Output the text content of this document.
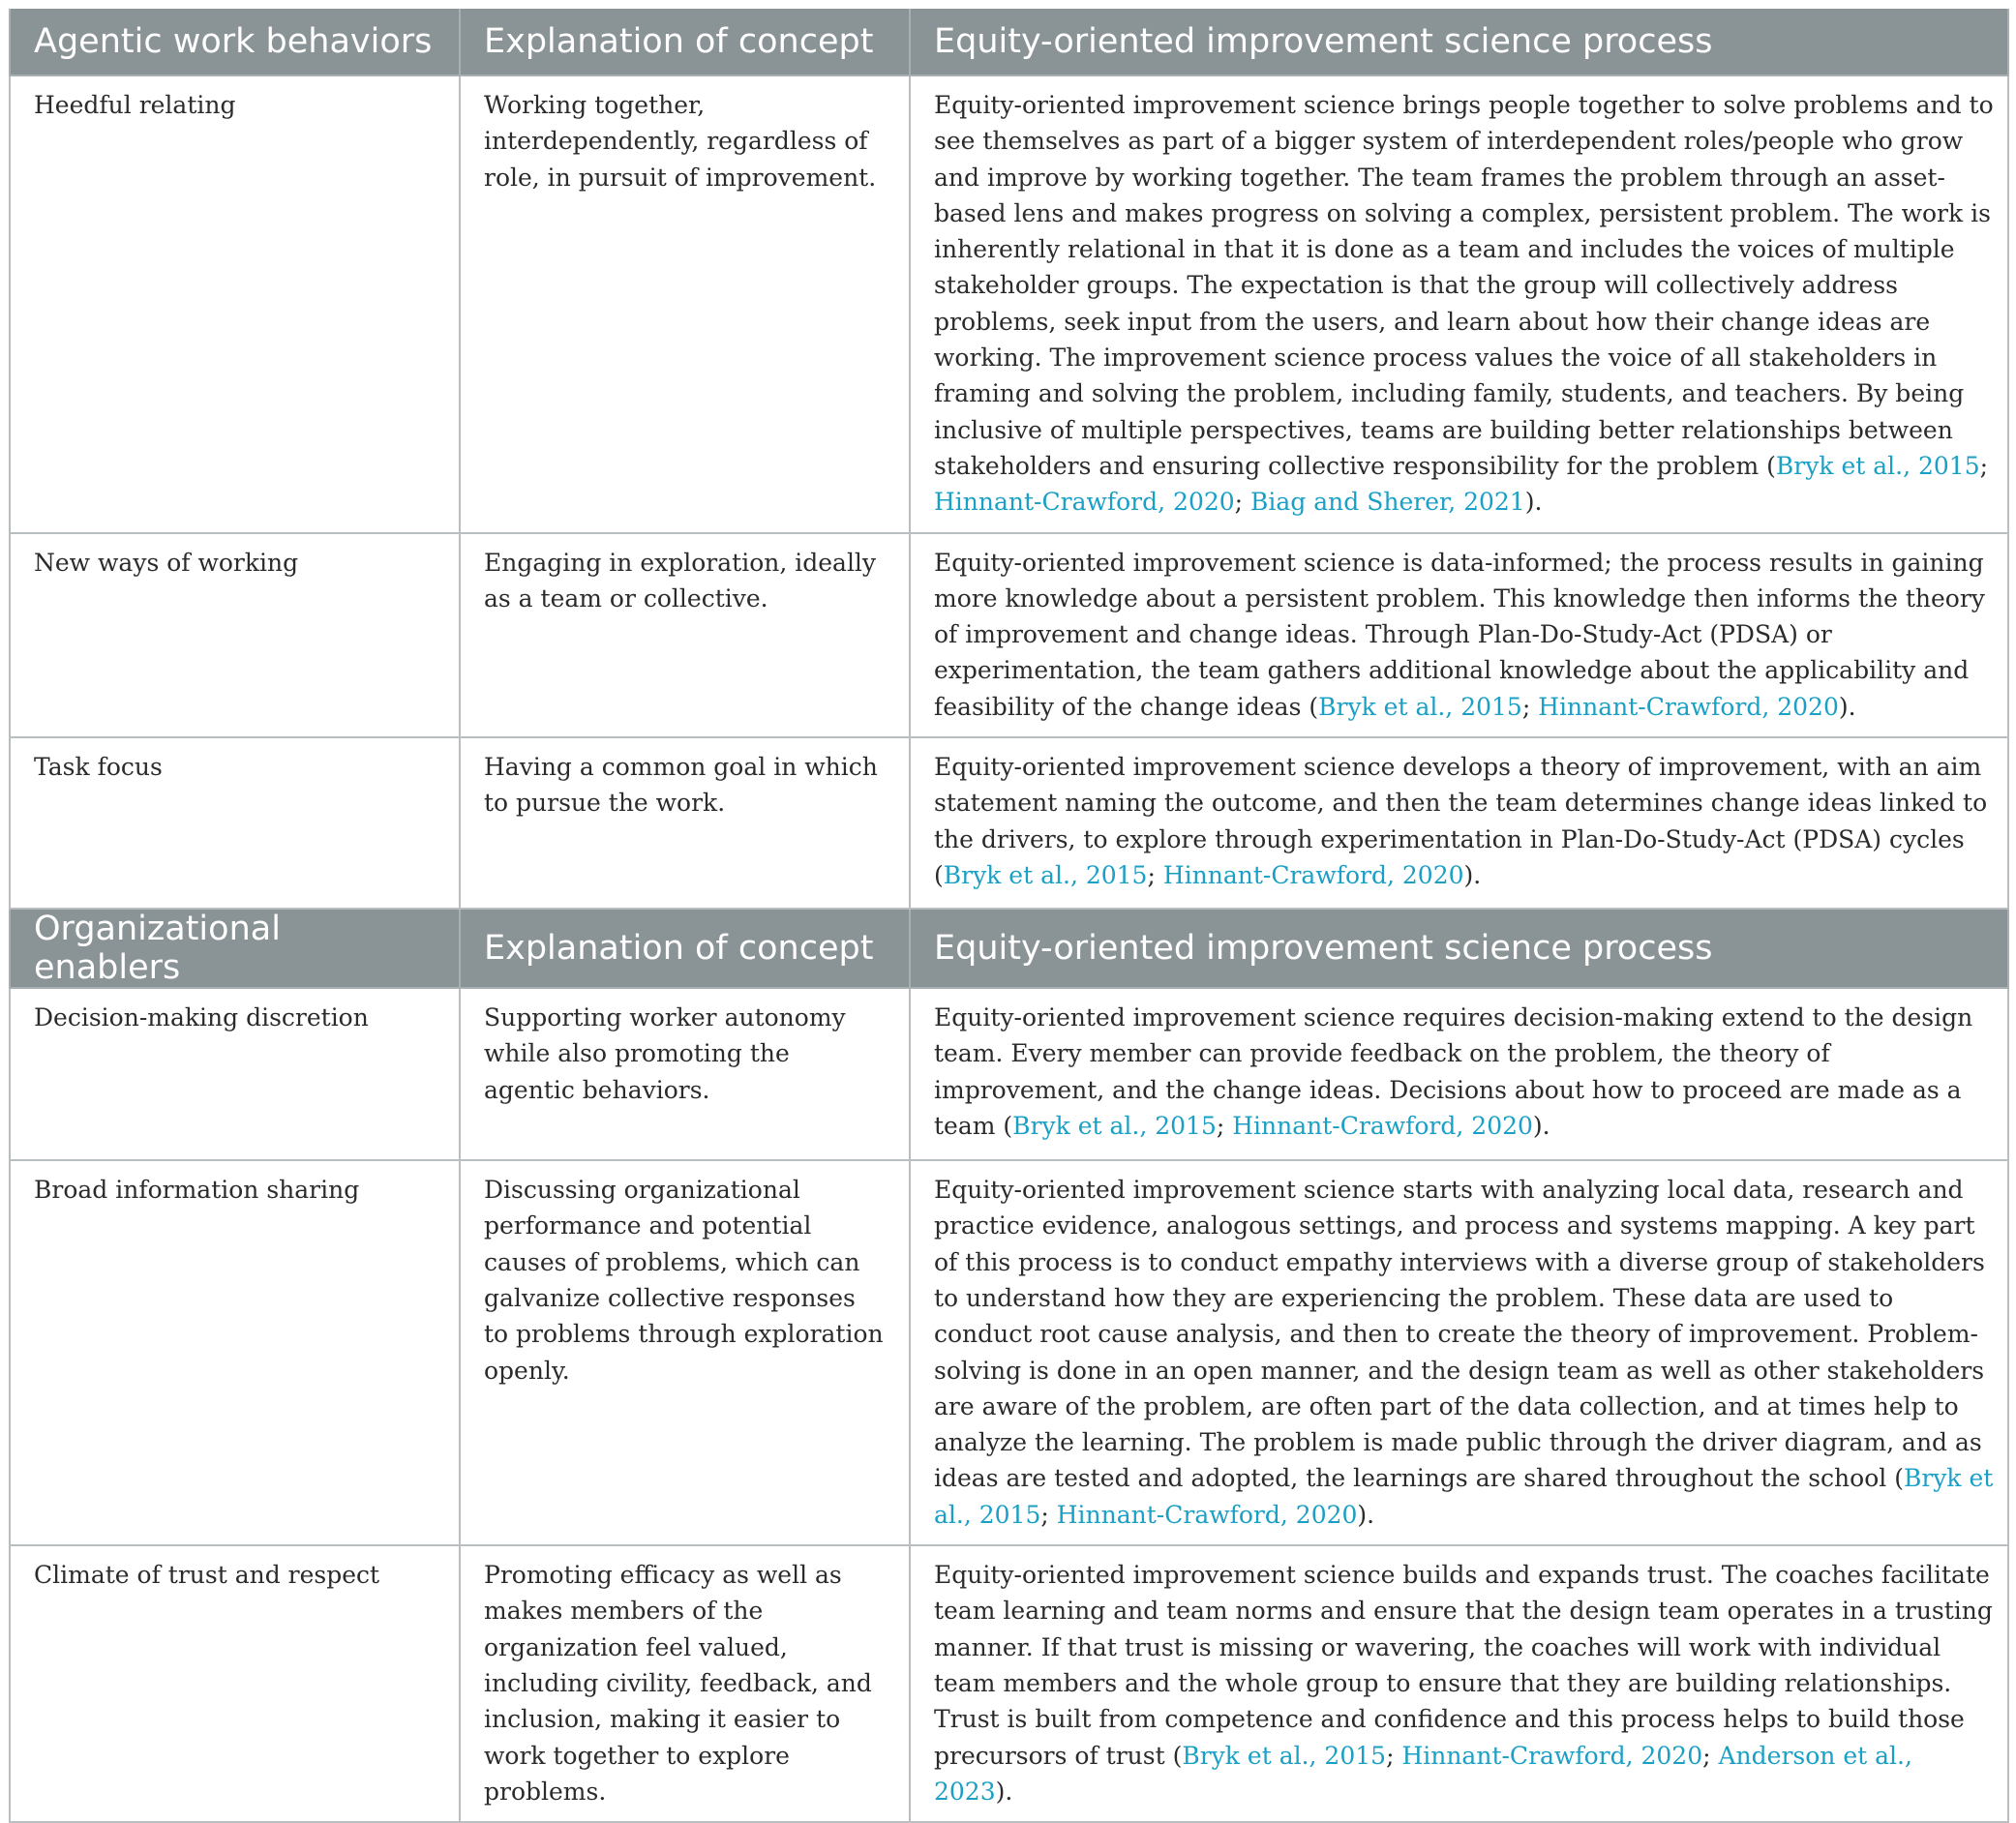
Agentic work behaviors	Explanation of concept	Equity-oriented improvement science process
Heedful relating	Working together, interdependently, regardless of role, in pursuit of improvement.	Equity-oriented improvement science brings people together to solve problems and to see themselves as part of a bigger system of interdependent roles/people who grow and improve by working together. The team frames the problem through an asset-based lens and makes progress on solving a complex, persistent problem. The work is inherently relational in that it is done as a team and includes the voices of multiple stakeholder groups. The expectation is that the group will collectively address problems, seek input from the users, and learn about how their change ideas are working. The improvement science process values the voice of all stakeholders in framing and solving the problem, including family, students, and teachers. By being inclusive of multiple perspectives, teams are building better relationships between stakeholders and ensuring collective responsibility for the problem (Bryk et al., 2015; Hinnant-Crawford, 2020; Biag and Sherer, 2021).
New ways of working	Engaging in exploration, ideally as a team or collective.	Equity-oriented improvement science is data-informed; the process results in gaining more knowledge about a persistent problem. This knowledge then informs the theory of improvement and change ideas. Through Plan-Do-Study-Act (PDSA) or experimentation, the team gathers additional knowledge about the applicability and feasibility of the change ideas (Bryk et al., 2015; Hinnant-Crawford, 2020).
Task focus	Having a common goal in which to pursue the work.	Equity-oriented improvement science develops a theory of improvement, with an aim statement naming the outcome, and then the team determines change ideas linked to the drivers, to explore through experimentation in Plan-Do-Study-Act (PDSA) cycles (Bryk et al., 2015; Hinnant-Crawford, 2020).
Organizational enablers	Explanation of concept	Equity-oriented improvement science process
Decision-making discretion	Supporting worker autonomy while also promoting the agentic behaviors.	Equity-oriented improvement science requires decision-making extend to the design team. Every member can provide feedback on the problem, the theory of improvement, and the change ideas. Decisions about how to proceed are made as a team (Bryk et al., 2015; Hinnant-Crawford, 2020).
Broad information sharing	Discussing organizational performance and potential causes of problems, which can galvanize collective responses to problems through exploration openly.	Equity-oriented improvement science starts with analyzing local data, research and practice evidence, analogous settings, and process and systems mapping. A key part of this process is to conduct empathy interviews with a diverse group of stakeholders to understand how they are experiencing the problem. These data are used to conduct root cause analysis, and then to create the theory of improvement. Problem-solving is done in an open manner, and the design team as well as other stakeholders are aware of the problem, are often part of the data collection, and at times help to analyze the learning. The problem is made public through the driver diagram, and as ideas are tested and adopted, the learnings are shared throughout the school (Bryk et al., 2015; Hinnant-Crawford, 2020).
Climate of trust and respect	Promoting efficacy as well as makes members of the organization feel valued, including civility, feedback, and inclusion, making it easier to work together to explore problems.	Equity-oriented improvement science builds and expands trust. The coaches facilitate team learning and team norms and ensure that the design team operates in a trusting manner. If that trust is missing or wavering, the coaches will work with individual team members and the whole group to ensure that they are building relationships. Trust is built from competence and confidence and this process helps to build those precursors of trust (Bryk et al., 2015; Hinnant-Crawford, 2020; Anderson et al., 2023).
